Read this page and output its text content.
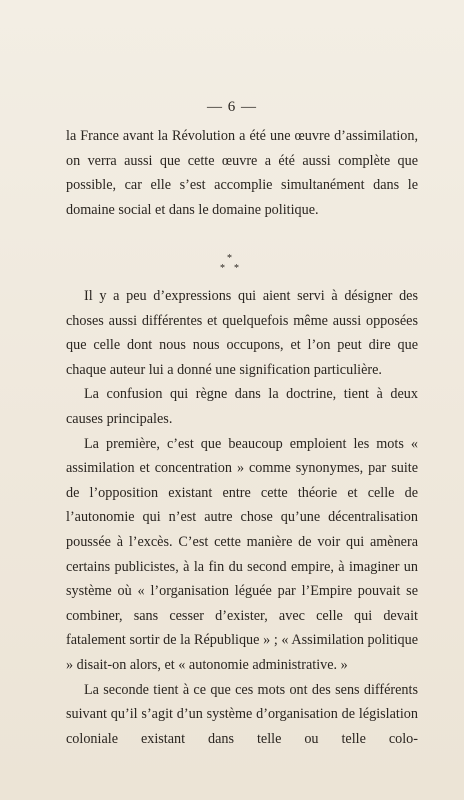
— 6 —

la France avant la Révolution a été une œuvre d’assimilation, on verra aussi que cette œuvre a été aussi complète que possible, car elle s’est accomplie simultanément dans le domaine social et dans le domaine politique.

*
* *

Il y a peu d’expressions qui aient servi à désigner des choses aussi différentes et quelquefois même aussi opposées que celle dont nous nous occupons, et l’on peut dire que chaque auteur lui a donné une signification particulière.

La confusion qui règne dans la doctrine, tient à deux causes principales.

La première, c’est que beaucoup emploient les mots « assimilation et concentration » comme synonymes, par suite de l’opposition existant entre cette théorie et celle de l’autonomie qui n’est autre chose qu’une décentralisation poussée à l’excès. C’est cette manière de voir qui amènera certains publicistes, à la fin du second empire, à imaginer un système où « l’organisation léguée par l’Empire pouvait se combiner, sans cesser d’exister, avec celle qui devait fatalement sortir de la République » ; « Assimilation politique » disait-on alors, et « autonomie administrative. »

La seconde tient à ce que ces mots ont des sens différents suivant qu’il s’agit d’un système d’organisation de législation coloniale existant dans telle ou telle colo-
